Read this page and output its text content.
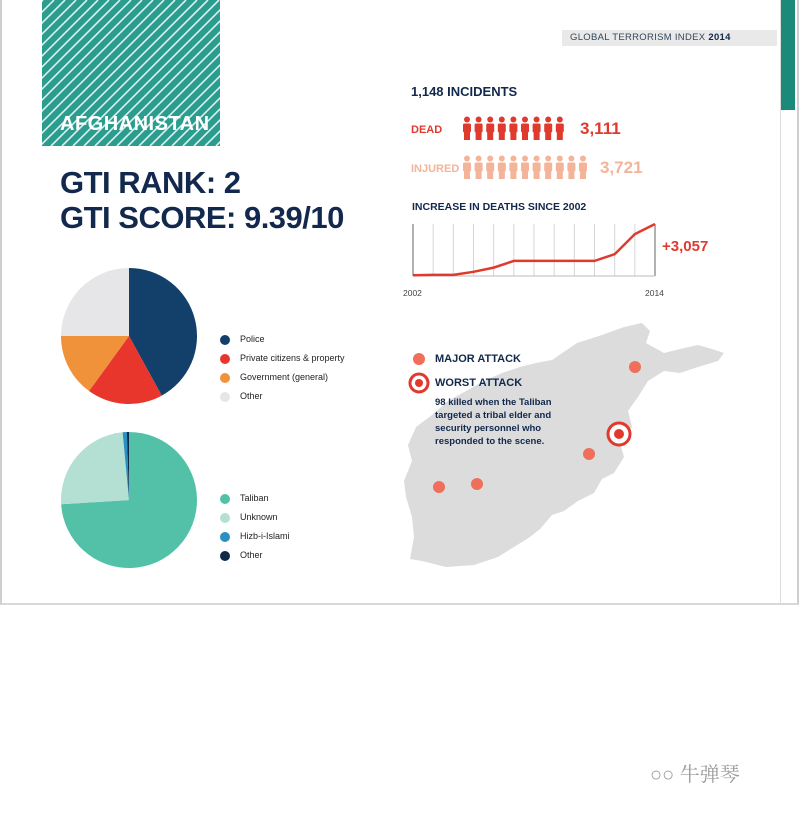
AFGHANISTAN
GTI RANK: 2
GTI SCORE: 9.39/10
GLOBAL TERRORISM INDEX 2014
Police
Private citizens & property
Government (general)
Other
Taliban
Unknown
Hizb-i-Islami
Other
1,148 INCIDENTS
DEAD	3,111
INJURED	3,721
INCREASE IN DEATHS SINCE 2002
+3,057
2002	2014
MAJOR ATTACK
WORST ATTACK
98 killed when the Taliban targeted a tribal elder and security personnel who responded to the scene.
○○ 牛弹琴
